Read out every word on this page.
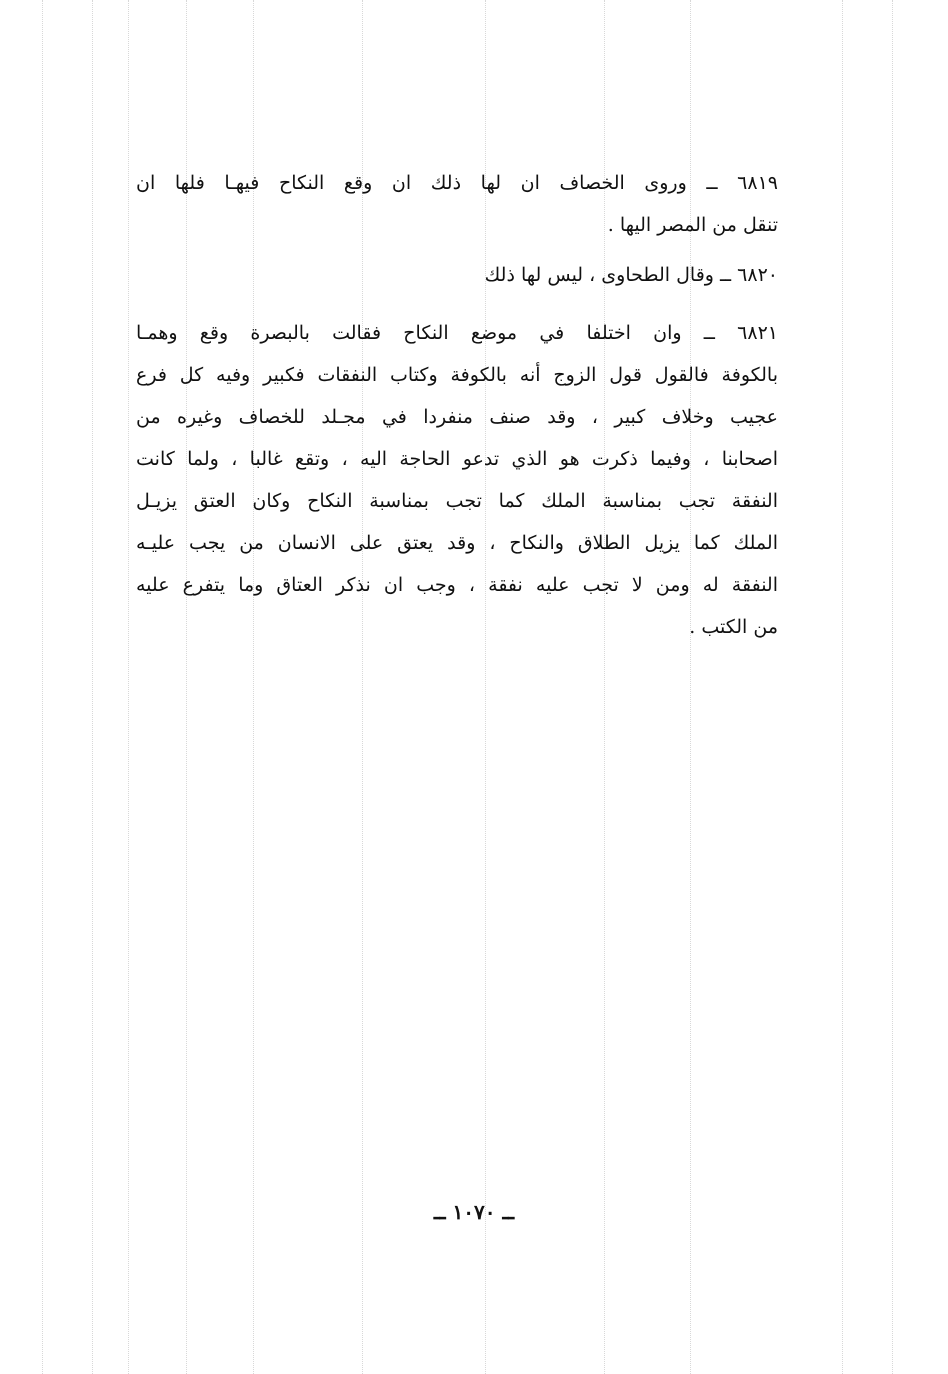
٦٨١٩ ــ وروى الخصاف ان لها ذلك ان وقع النكاح فيهـا فلها ان
تنقل من المصر اليها .

٦٨٢٠ ــ وقال الطحاوى ، ليس لها ذلك

٦٨٢١ ــ وان اختلفا في موضع النكاح فقالت بالبصرة وقع وهمـا
بالكوفة فالقول قول الزوج أنه بالكوفة وكتاب النفقات فكبير وفيه كل فرع
عجيب وخلاف كبير ، وقد صنف منفردا في مجـلد للخصاف وغيره من
اصحابنا ، وفيما ذكرت هو الذي تدعو الحاجة اليه ، وتقع غالبا ، ولما كانت
النفقة تجب بمناسبة الملك كما تجب بمناسبة النكاح وكان العتق يزيـل
الملك كما يزيل الطلاق والنكاح ، وقد يعتق على الانسان من يجب عليـه
النفقة له ومن لا تجب عليه نفقة ، وجب ان نذكر العتاق وما يتفرع عليه
من الكتب .

ــ ١٠٧٠ ــ
